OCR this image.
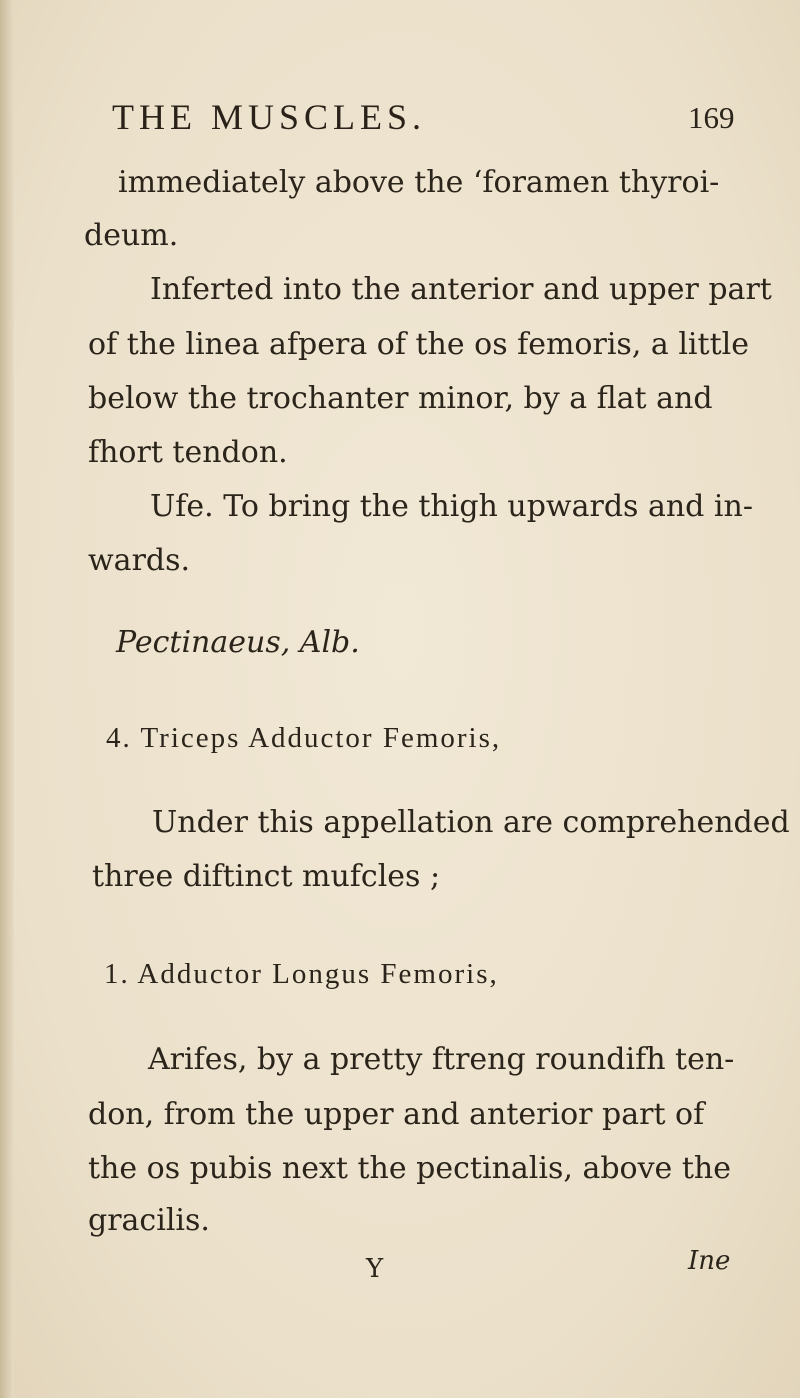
THE MUSCLES.	169
immediately above the ‘foramen thyroi-
deum.
Inferted into the anterior and upper part
of the linea afpera of the os femoris, a little
below the trochanter minor, by a flat and
fhort tendon.
Ufe. To bring the thigh upwards and in-
wards.
Pectinaeus, Alb.
4. Triceps Adductor Femoris,
Under this appellation are comprehended
three diftinct mufcles ;
1. Adductor Longus Femoris,
Arifes, by a pretty ftreng roundifh ten-
don, from the upper and anterior part of
the os pubis next the pectinalis, above the
gracilis.
Y	Ine
